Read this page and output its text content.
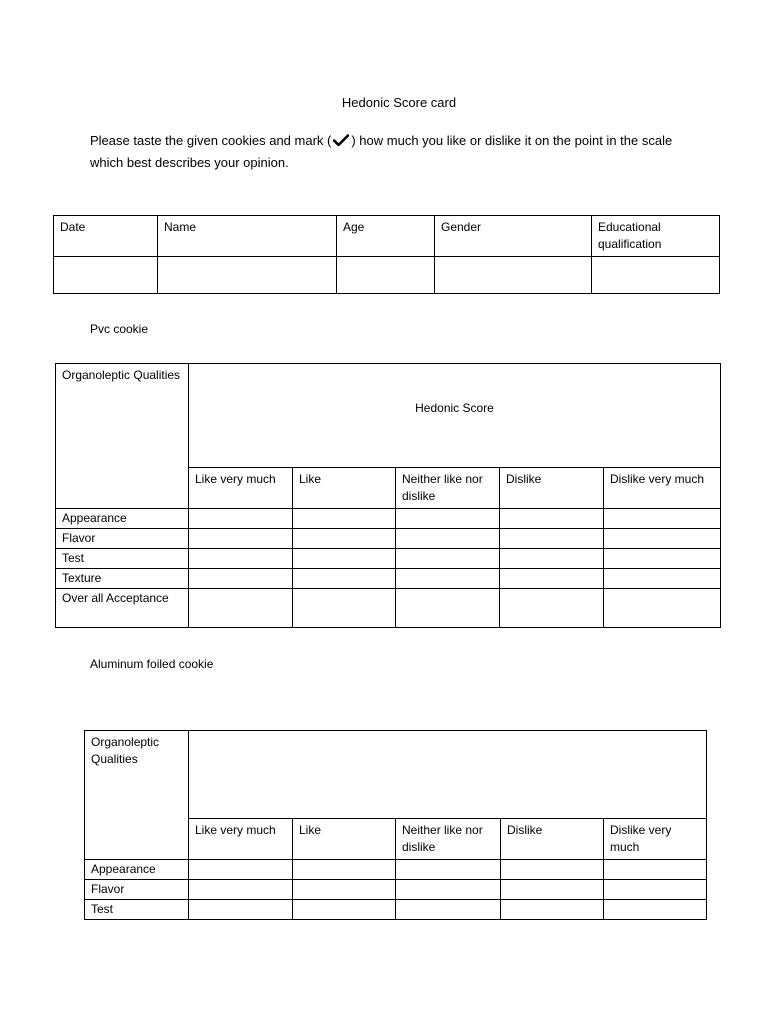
Hedonic Score card
Please taste the given cookies and mark ( ) how much you like or dislike it on the point in the scale which best describes your opinion.
Date	Name	Age	Gender	Educational qualification

Pvc cookie
Organoleptic Qualities	Hedonic Score				
	Like very much	Like	Neither like nor dislike	Dislike	Dislike very much
Appearance					
Flavor					
Test					
Texture					
Over all Acceptance					
Aluminum foiled cookie
Organoleptic Qualities					
	Like very much	Like	Neither like nor dislike	Dislike	Dislike very much
Appearance					
Flavor					
Test					
